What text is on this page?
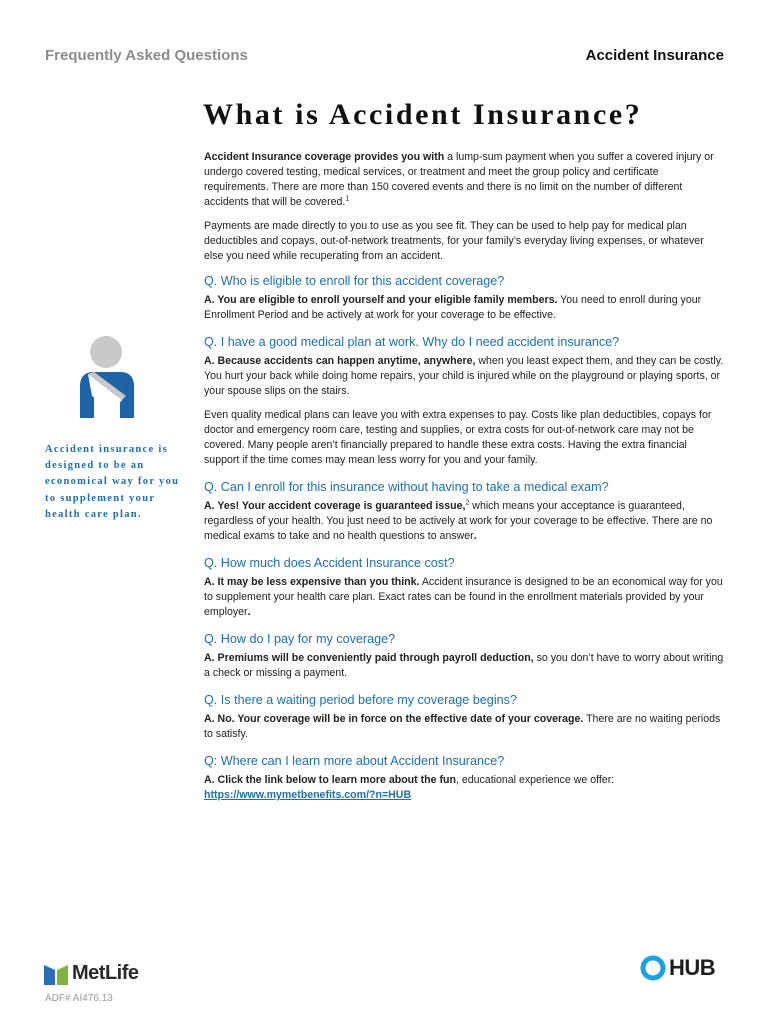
Frequently Asked Questions	Accident Insurance
What is Accident Insurance?

Accident Insurance coverage provides you with a lump-sum payment when you suffer a covered injury or undergo covered testing, medical services, or treatment and meet the group policy and certificate requirements. There are more than 150 covered events and there is no limit on the number of different accidents that will be covered.$^1$

Payments are made directly to you to use as you see fit. They can be used to help pay for medical plan deductibles and copays, out-of-network treatments, for your family’s everyday living expenses, or whatever else you need while recuperating from an accident.

Q. Who is eligible to enroll for this accident coverage?

A. You are eligible to enroll yourself and your eligible family members. You need to enroll during your Enrollment Period and be actively at work for your coverage to be effective.

Q. I have a good medical plan at work. Why do I need accident insurance?

A. Because accidents can happen anytime, anywhere, when you least expect them, and they can be costly. You hurt your back while doing home repairs, your child is injured while on the playground or playing sports, or your spouse slips on the stairs.

Even quality medical plans can leave you with extra expenses to pay. Costs like plan deductibles, copays for doctor and emergency room care, testing and supplies, or extra costs for out-of-network care may not be covered. Many people aren’t financially prepared to handle these extra costs. Having the extra financial support if the time comes may mean less worry for you and your family.

Q. Can I enroll for this insurance without having to take a medical exam?

A. Yes! Your accident coverage is guaranteed issue,$^2$ which means your acceptance is guaranteed, regardless of your health. You just need to be actively at work for your coverage to be effective. There are no medical exams to take and no health questions to answer.

Q. How much does Accident Insurance cost?

A. It may be less expensive than you think. Accident insurance is designed to be an economical way for you to supplement your health care plan. Exact rates can be found in the enrollment materials provided by your employer.

Q. How do I pay for my coverage?

A. Premiums will be conveniently paid through payroll deduction, so you don’t have to worry about writing a check or missing a payment.

Q. Is there a waiting period before my coverage begins?

A. No. Your coverage will be in force on the effective date of your coverage. There are no waiting periods to satisfy.

Q: Where can I learn more about Accident Insurance?

A. Click the link below to learn more about the fun, educational experience we offer:
https://www.mymetbenefits.com/?n=HUB

Accident insurance is designed to be an economical way for you to supplement your health care plan.
MetLife
ADF# AI476.13
HUB
